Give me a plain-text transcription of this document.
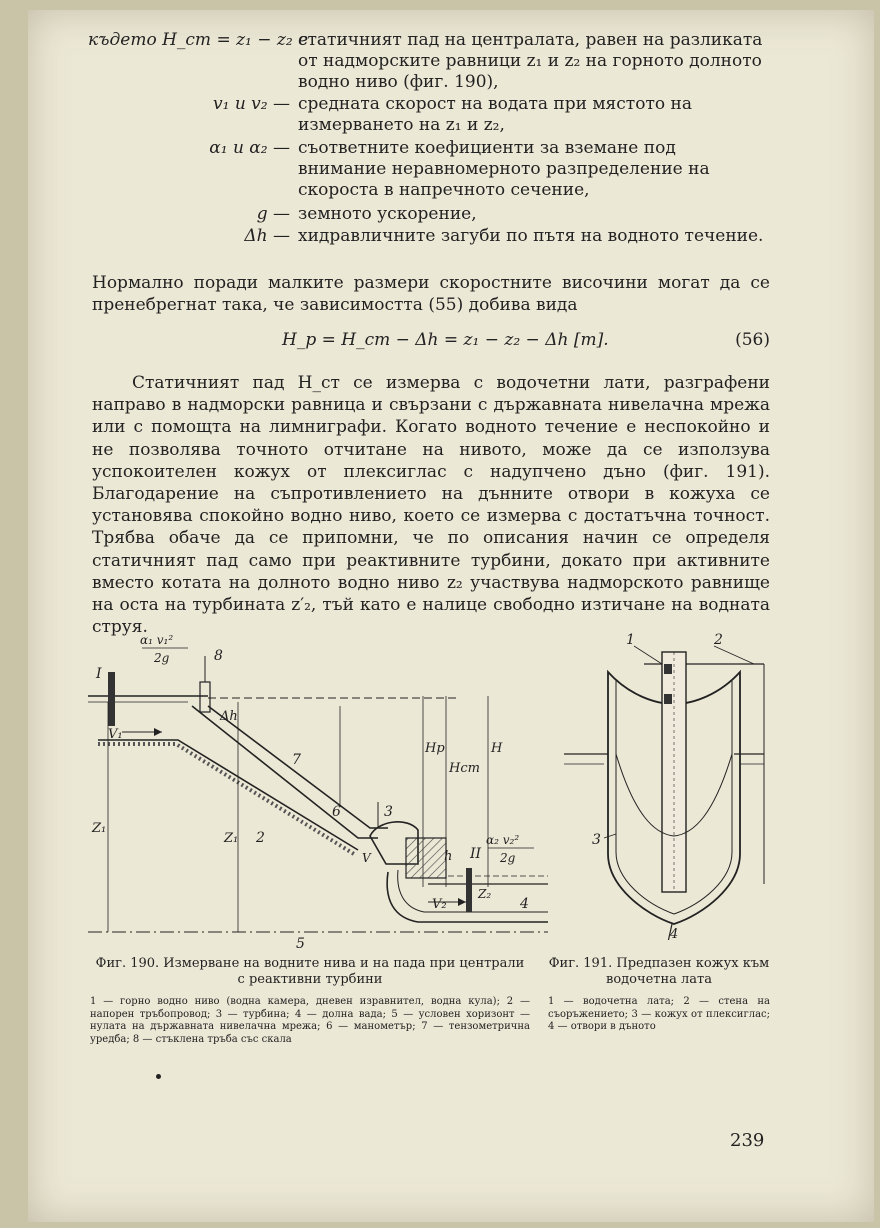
където H_ст = z₁ − z₂ е
статичният пад на централата, равен на разликата от надморските равници z₁ и z₂ на горното долното водно ниво (фиг. 190),
v₁ и v₂ — средната скорост на водата при мястото на измерването на z₁ и z₂,
α₁ и α₂ — съответните коефициенти за вземане под внимание неравномерното разпределение на скороста в напречното сечение,
g — земното ускорение,
Δh — хидравличните загуби по пътя на водното течение.
Нормално поради малките размери скоростните височини могат да се пренебрегнат така, че зависимостта (55) добива вида
H_р = H_ст − Δh = z₁ − z₂ − Δh [m].	(56)
Статичният пад H_ст се измерва с водочетни лати, разграфени направо в надморски равница и свързани с държавната нивелачна мрежа или с помощта на лимниграфи. Когато водното течение е неспокойно и не позволява точното отчитане на нивото, може да се използува успокоителен кожух от плексиглас с надупчено дъно (фиг. 191). Благодарение на съпротивлението на дънните отвори в кожуха се установява спокойно водно ниво, което се измерва с достатъчна точност. Трябва обаче да се припомни, че по описания начин се определя статичният пад само при реактивните турбини, докато при активните вместо котата на долното водно ниво z₂ участвува надморското равнище на оста на турбината z′₂, тъй като е налице свободно изтичане на водната струя.
I
8
α₁ v₁²
2g
Δh
V₁
7
6	3
2
V	h II
α₂ v₂²
2g
V₂	4
5
Z₁
Z₁
Z₂
Hp
Hст
H
1	2
3
4
Фиг. 190. Измерване на водните нива и на пада при централи с реактивни турбини
1 — горно водно ниво (водна камера, дневен изравнител, водна кула); 2 — напорен тръбопровод; 3 — турбина; 4 — долна вада; 5 — условен хоризонт — нулата на държавната нивелачна мрежа; 6 — манометър; 7 — тензометрична уредба; 8 — стъклена тръба със скала
Фиг. 191. Предпазен кожух към водочетна лата
1 — водочетна лата; 2 — стена на съоръжението; 3 — кожух от плексиглас; 4 — отвори в дъното
239
